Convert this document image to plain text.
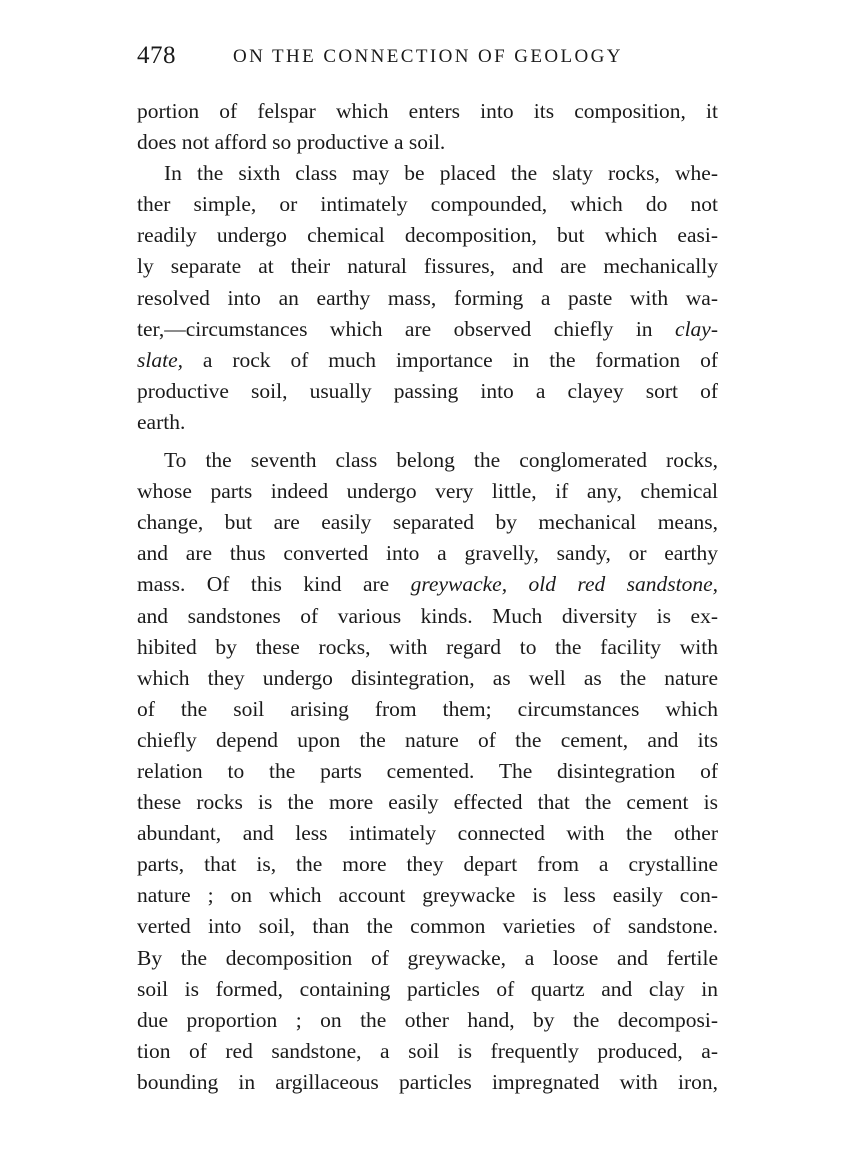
478	ON THE CONNECTION OF GEOLOGY
portion of felspar which enters into its composition, it
does not afford so productive a soil.
In the sixth class may be placed the slaty rocks, whe-
ther simple, or intimately compounded, which do not
readily undergo chemical decomposition, but which easi-
ly separate at their natural fissures, and are mechanically
resolved into an earthy mass, forming a paste with wa-
ter,—circumstances which are observed chiefly in clay-
slate, a rock of much importance in the formation of
productive soil, usually passing into a clayey sort of
earth.
To the seventh class belong the conglomerated rocks,
whose parts indeed undergo very little, if any, chemical
change, but are easily separated by mechanical means,
and are thus converted into a gravelly, sandy, or earthy
mass. Of this kind are greywacke, old red sandstone,
and sandstones of various kinds. Much diversity is ex-
hibited by these rocks, with regard to the facility with
which they undergo disintegration, as well as the nature
of the soil arising from them; circumstances which
chiefly depend upon the nature of the cement, and its
relation to the parts cemented. The disintegration of
these rocks is the more easily effected that the cement is
abundant, and less intimately connected with the other
parts, that is, the more they depart from a crystalline
nature ; on which account greywacke is less easily con-
verted into soil, than the common varieties of sandstone.
By the decomposition of greywacke, a loose and fertile
soil is formed, containing particles of quartz and clay in
due proportion ; on the other hand, by the decomposi-
tion of red sandstone, a soil is frequently produced, a-
bounding in argillaceous particles impregnated with iron,
